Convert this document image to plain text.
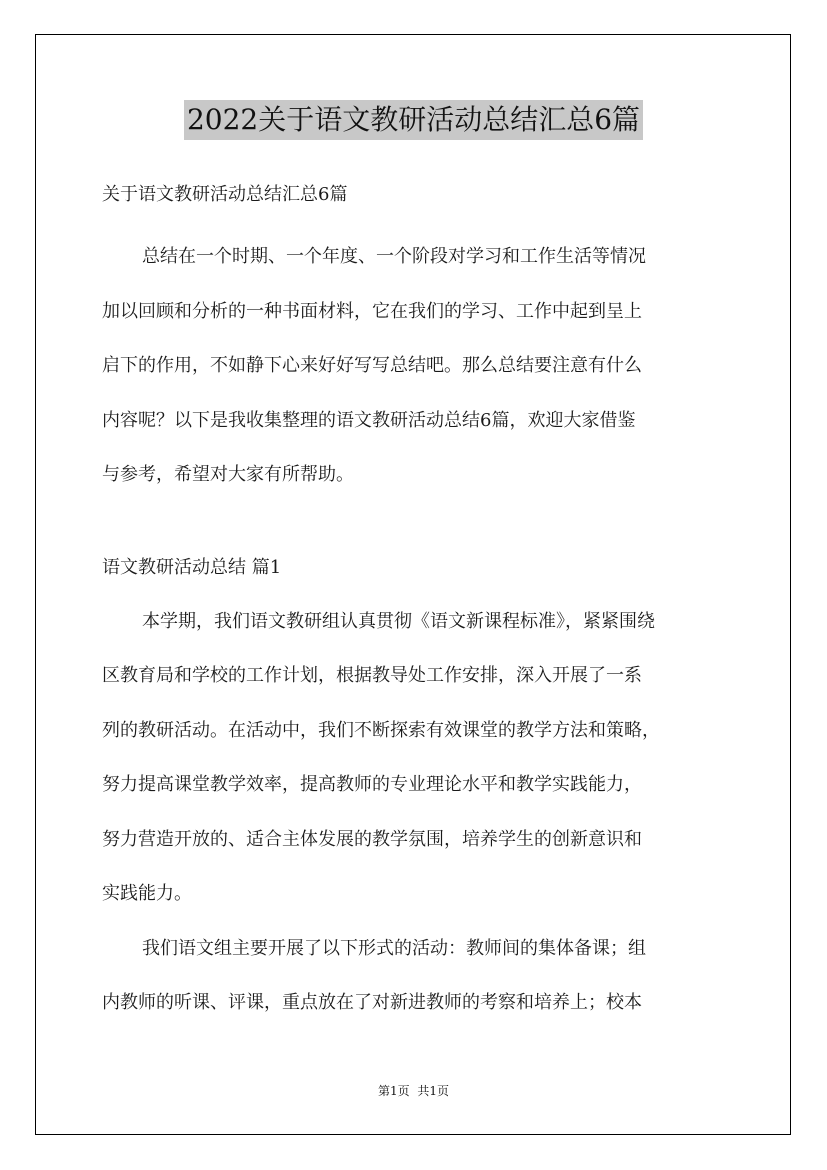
2022关于语文教研活动总结汇总6篇
关于语文教研活动总结汇总6篇
总结在一个时期、一个年度、一个阶段对学习和工作生活等情况
加以回顾和分析的一种书面材料，它在我们的学习、工作中起到呈上
启下的作用，不如静下心来好好写写总结吧。那么总结要注意有什么
内容呢？以下是我收集整理的语文教研活动总结6篇，欢迎大家借鉴
与参考，希望对大家有所帮助。
语文教研活动总结 篇1
本学期，我们语文教研组认真贯彻《语文新课程标准》，紧紧围绕
区教育局和学校的工作计划，根据教导处工作安排，深入开展了一系
列的教研活动。在活动中，我们不断探索有效课堂的教学方法和策略，
努力提高课堂教学效率，提高教师的专业理论水平和教学实践能力，
努力营造开放的、适合主体发展的教学氛围，培养学生的创新意识和
实践能力。
我们语文组主要开展了以下形式的活动：教师间的集体备课；组
内教师的听课、评课，重点放在了对新进教师的考察和培养上；校本
第1页 共1页
